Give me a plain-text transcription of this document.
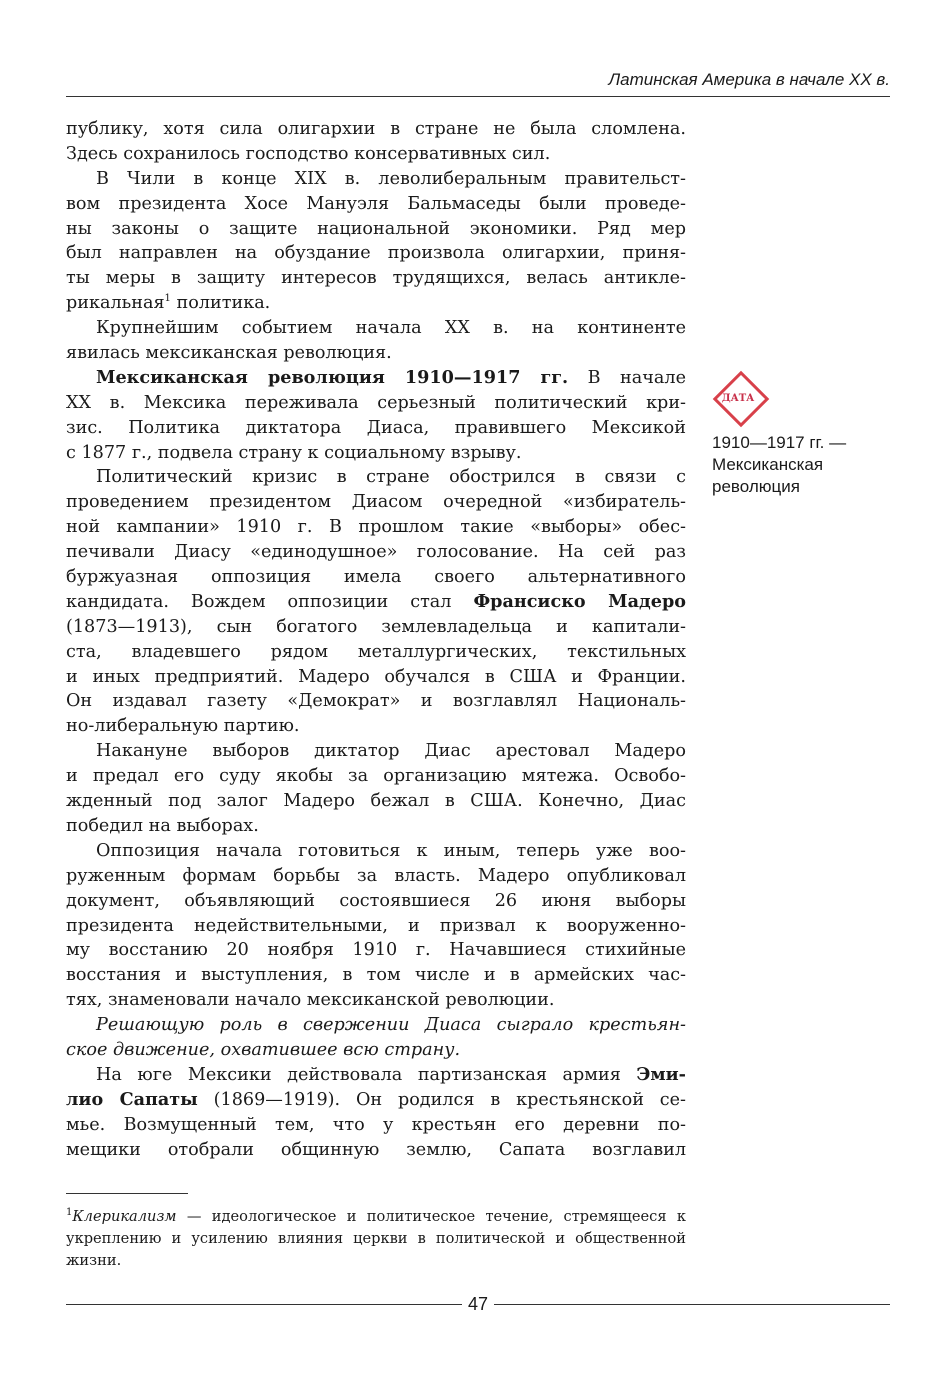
Латинская Америка в начале XX в.
публику, хотя сила олигархии в стране не была сломлена.
Здесь сохранилось господство консервативных сил.
В Чили в конце XIX в. леволиберальным правительст-
вом президента Хосе Мануэля Бальмаседы были проведе-
ны законы о защите национальной экономики. Ряд мер
был направлен на обуздание произвола олигархии, приня-
ты меры в защиту интересов трудящихся, велась антикле-
рикальная$^1$ политика.
Крупнейшим событием начала XX в. на континенте
явилась мексиканская революция.
Мексиканская революция 1910—1917 гг. В начале
XX в. Мексика переживала серьезный политический кри-
зис. Политика диктатора Диаса, правившего Мексикой
с 1877 г., подвела страну к социальному взрыву.
Политический кризис в стране обострился в связи с
проведением президентом Диасом очередной «избиратель-
ной кампании» 1910 г. В прошлом такие «выборы» обес-
печивали Диасу «единодушное» голосование. На сей раз
буржуазная оппозиция имела своего альтернативного
кандидата. Вождем оппозиции стал Франсиско Мадеро
(1873—1913), сын богатого землевладельца и капитали-
ста, владевшего рядом металлургических, текстильных
и иных предприятий. Мадеро обучался в США и Франции.
Он издавал газету «Демократ» и возглавлял Националь-
но-либеральную партию.
Накануне выборов диктатор Диас арестовал Мадеро
и предал его суду якобы за организацию мятежа. Освобо-
жденный под залог Мадеро бежал в США. Конечно, Диас
победил на выборах.
Оппозиция начала готовиться к иным, теперь уже воо-
руженным формам борьбы за власть. Мадеро опубликовал
документ, объявляющий состоявшиеся 26 июня выборы
президента недействительными, и призвал к вооруженно-
му восстанию 20 ноября 1910 г. Начавшиеся стихийные
восстания и выступления, в том числе и в армейских час-
тях, знаменовали начало мексиканской революции.
Решающую роль в свержении Диаса сыграло крестьян-
ское движение, охватившее всю страну.
На юге Мексики действовала партизанская армия Эми-
лио Сапаты (1869—1919). Он родился в крестьянской се-
мье. Возмущенный тем, что у крестьян его деревни по-
мещики отобрали общинную землю, Сапата возглавил
ДАТА
1910—1917 гг. — Мексиканская революция
$^1$Клерикализм — идеологическое и политическое течение, стремящееся к укреплению и усилению влияния церкви в политической и общественной жизни.
47
